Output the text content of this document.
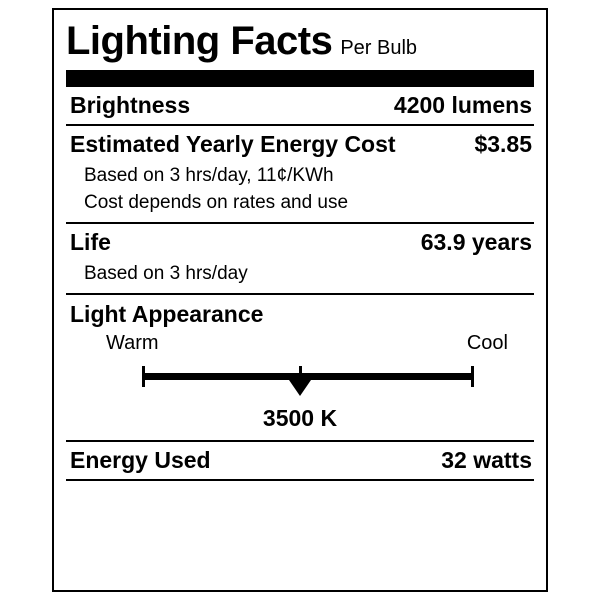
Lighting Facts Per Bulb
Brightness	4200 lumens
Estimated Yearly Energy Cost	$3.85
Based on 3 hrs/day, 11¢/KWh
Cost depends on rates and use
Life	63.9 years
Based on 3 hrs/day
Light Appearance
Warm	Cool
3500 K
Energy Used	32 watts
